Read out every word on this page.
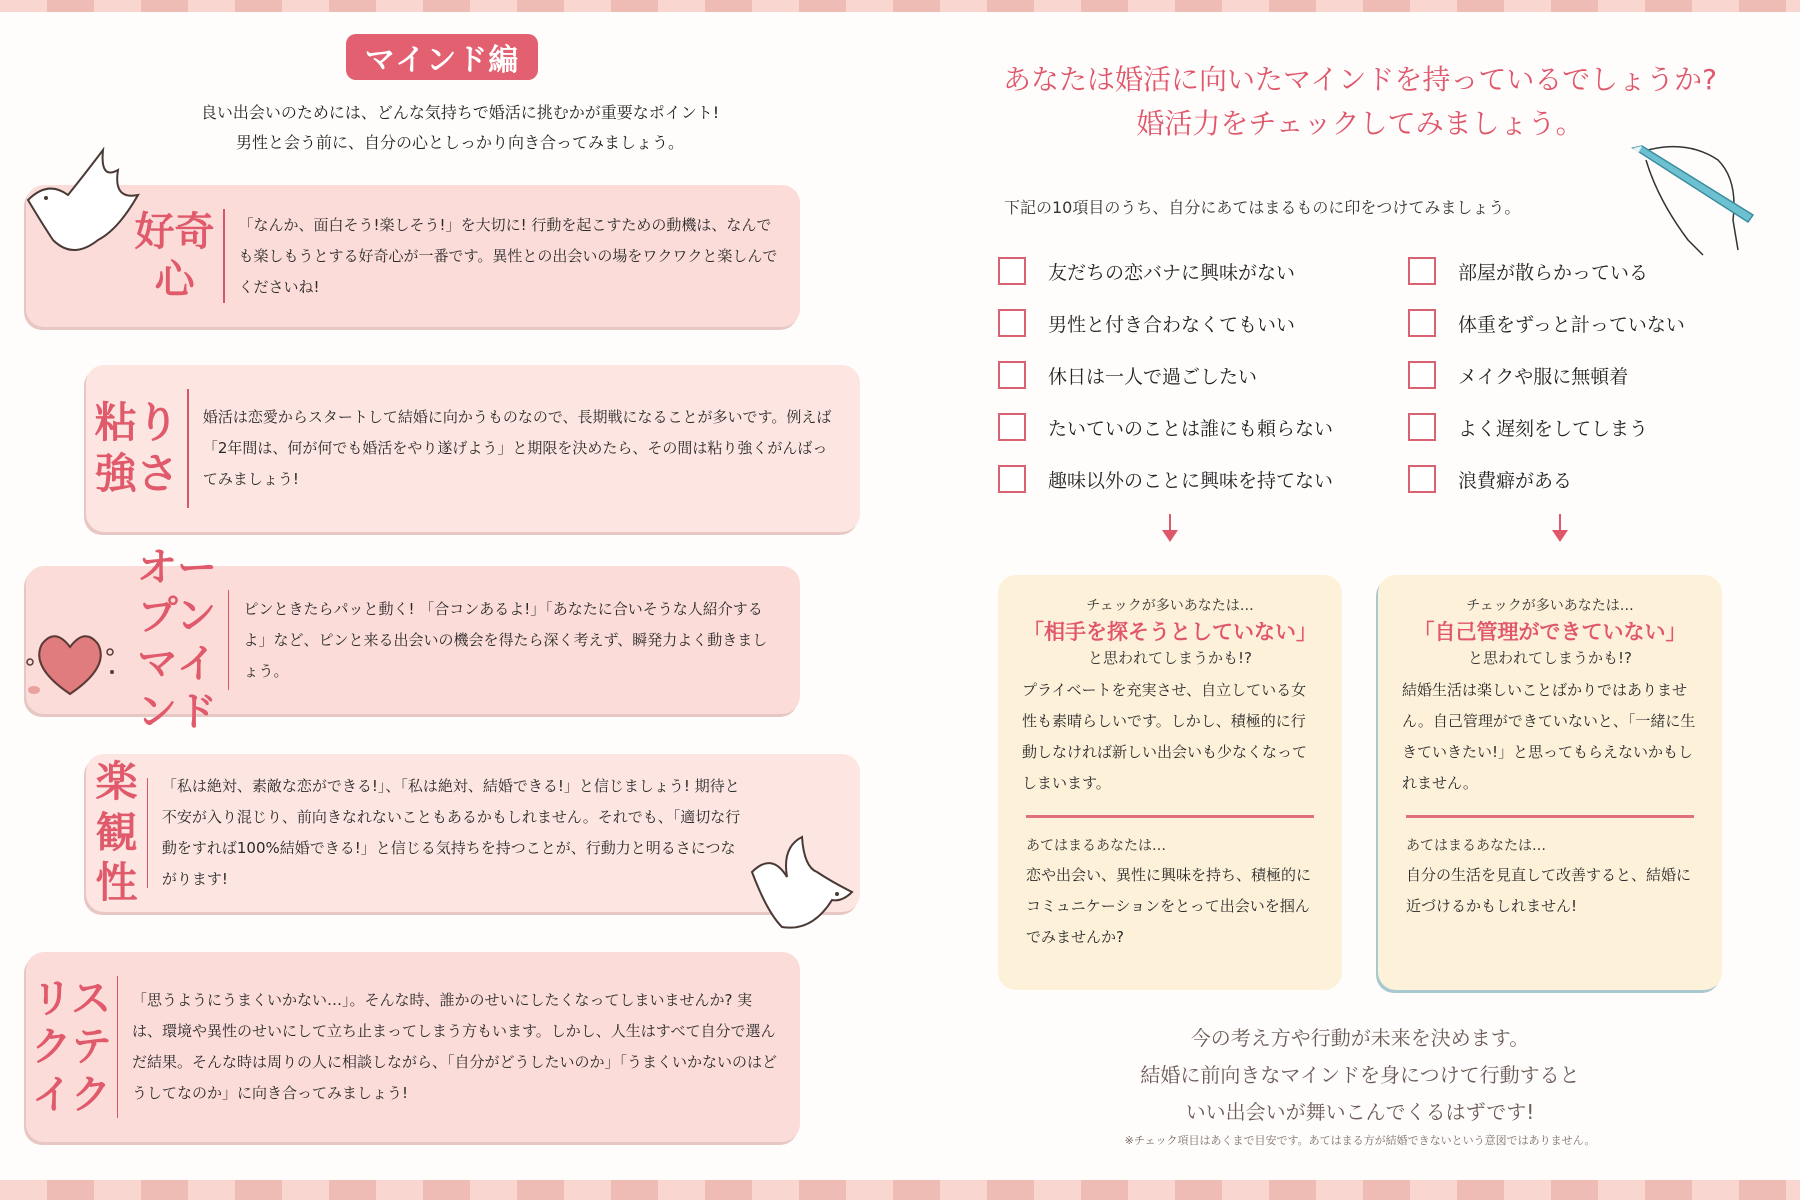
マインド編
良い出会いのためには、どんな気持ちで婚活に挑むかが重要なポイント!
男性と会う前に、自分の心としっかり向き合ってみましょう。
好奇心
「なんか、面白そう!楽しそう!」を大切に! 行動を起こすための動機は、なんでも楽しもうとする好奇心が一番です。異性との出会いの場をワクワクと楽しんでくださいね!
粘り強さ
婚活は恋愛からスタートして結婚に向かうものなので、長期戦になることが多いです。例えば「2年間は、何が何でも婚活をやり遂げよう」と期限を決めたら、その間は粘り強くがんばってみましょう!
オープン
マインド
ピンときたらパッと動く! 「合コンあるよ!」「あなたに合いそうな人紹介するよ」など、ピンと来る出会いの機会を得たら深く考えず、瞬発力よく動きましょう。
楽観性
「私は絶対、素敵な恋ができる!」、「私は絶対、結婚できる!」と信じましょう! 期待と不安が入り混じり、前向きなれないこともあるかもしれません。それでも、「適切な行動をすれば100%結婚できる!」と信じる気持ちを持つことが、行動力と明るさにつながります!
リスクテイク
「思うようにうまくいかない…」。そんな時、誰かのせいにしたくなってしまいませんか? 実は、環境や異性のせいにして立ち止まってしまう方もいます。しかし、人生はすべて自分で選んだ結果。そんな時は周りの人に相談しながら、「自分がどうしたいのか」「うまくいかないのはどうしてなのか」に向き合ってみましょう!
あなたは婚活に向いたマインドを持っているでしょうか?
婚活力をチェックしてみましょう。
下記の10項目のうち、自分にあてはまるものに印をつけてみましょう。
友だちの恋バナに興味がない
男性と付き合わなくてもいい
休日は一人で過ごしたい
たいていのことは誰にも頼らない
趣味以外のことに興味を持てない
部屋が散らかっている
体重をずっと計っていない
メイクや服に無頓着
よく遅刻をしてしまう
浪費癖がある
チェックが多いあなたは…
「相手を探そうとしていない」
と思われてしまうかも!?
プライベートを充実させ、自立している女性も素晴らしいです。しかし、積極的に行動しなければ新しい出会いも少なくなってしまいます。
あてはまるあなたは…
恋や出会い、異性に興味を持ち、積極的にコミュニケーションをとって出会いを掴んでみませんか?
チェックが多いあなたは…
「自己管理ができていない」
と思われてしまうかも!?
結婚生活は楽しいことばかりではありません。自己管理ができていないと、「一緒に生きていきたい!」と思ってもらえないかもしれません。
あてはまるあなたは…
自分の生活を見直して改善すると、結婚に近づけるかもしれません!
今の考え方や行動が未来を決めます。
結婚に前向きなマインドを身につけて行動すると
いい出会いが舞いこんでくるはずです!
※チェック項目はあくまで目安です。あてはまる方が結婚できないという意図ではありません。
